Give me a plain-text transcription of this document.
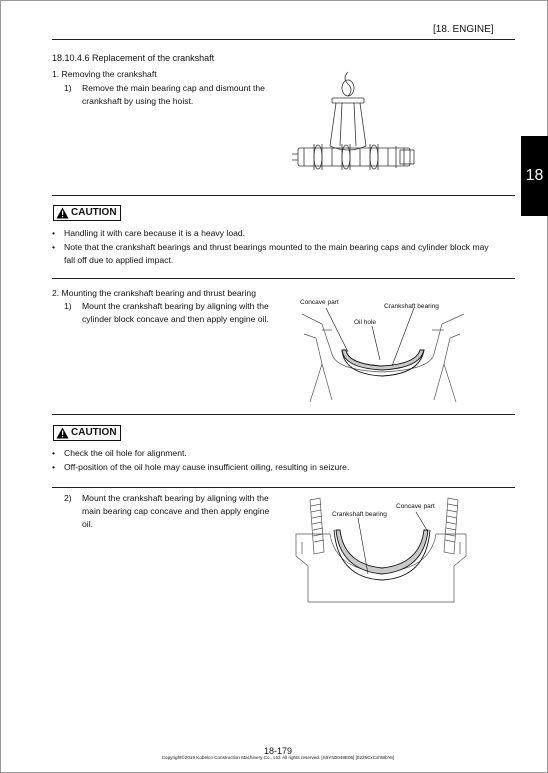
[18. ENGINE]
18
18.10.4.6 Replacement of the crankshaft
1. Removing the crankshaft
1) Remove the main bearing cap and dismount the
crankshaft by using the hoist.
CAUTION
• Handling it with care because it is a heavy load.
• Note that the crankshaft bearings and thrust bearings mounted to the main bearing caps and cylinder block may
fall off due to applied impact.
2. Mounting the crankshaft bearing and thrust bearing
1) Mount the crankshaft bearing by aligning with the
cylinder block concave and then apply engine oil.
Concave part
Crankshaft bearing
Oil hole
CAUTION
• Check the oil hole for alignment.
• Off-position of the oil hole may cause insufficient oiling, resulting in seizure.
2) Mount the crankshaft bearing by aligning with the
main bearing cap concave and then apply engine
oil.
Concave part
Crankshaft bearing
18-179
Copyright©2019 Kobelco Construction Machinery Co., Ltd. All rights reserved. [S5YN0049E05] [0225CxCxhWbYe]
